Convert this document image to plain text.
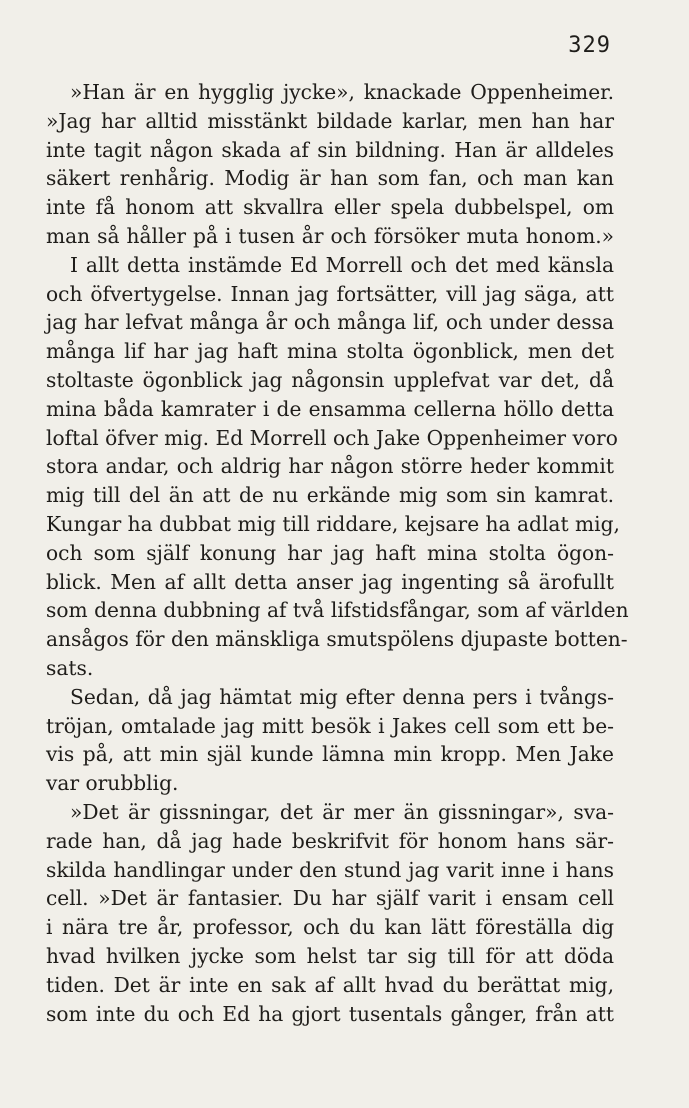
329
»Han är en hygglig jycke», knackade Oppenheimer.
»Jag har alltid misstänkt bildade karlar, men han har
inte tagit någon skada af sin bildning. Han är alldeles
säkert renhårig. Modig är han som fan, och man kan
inte få honom att skvallra eller spela dubbelspel, om
man så håller på i tusen år och försöker muta honom.»
I allt detta instämde Ed Morrell och det med känsla
och öfvertygelse. Innan jag fortsätter, vill jag säga, att
jag har lefvat många år och många lif, och under dessa
många lif har jag haft mina stolta ögonblick, men det
stoltaste ögonblick jag någonsin upplefvat var det, då
mina båda kamrater i de ensamma cellerna höllo detta
loftal öfver mig. Ed Morrell och Jake Oppenheimer voro
stora andar, och aldrig har någon större heder kommit
mig till del än att de nu erkände mig som sin kamrat.
Kungar ha dubbat mig till riddare, kejsare ha adlat mig,
och som själf konung har jag haft mina stolta ögon-
blick. Men af allt detta anser jag ingenting så ärofullt
som denna dubbning af två lifstidsfångar, som af världen
ansågos för den mänskliga smutspölens djupaste botten-
sats.
Sedan, då jag hämtat mig efter denna pers i tvångs-
tröjan, omtalade jag mitt besök i Jakes cell som ett be-
vis på, att min själ kunde lämna min kropp. Men Jake
var orubblig.
»Det är gissningar, det är mer än gissningar», sva-
rade han, då jag hade beskrifvit för honom hans sär-
skilda handlingar under den stund jag varit inne i hans
cell. »Det är fantasier. Du har själf varit i ensam cell
i nära tre år, professor, och du kan lätt föreställa dig
hvad hvilken jycke som helst tar sig till för att döda
tiden. Det är inte en sak af allt hvad du berättat mig,
som inte du och Ed ha gjort tusentals gånger, från att
